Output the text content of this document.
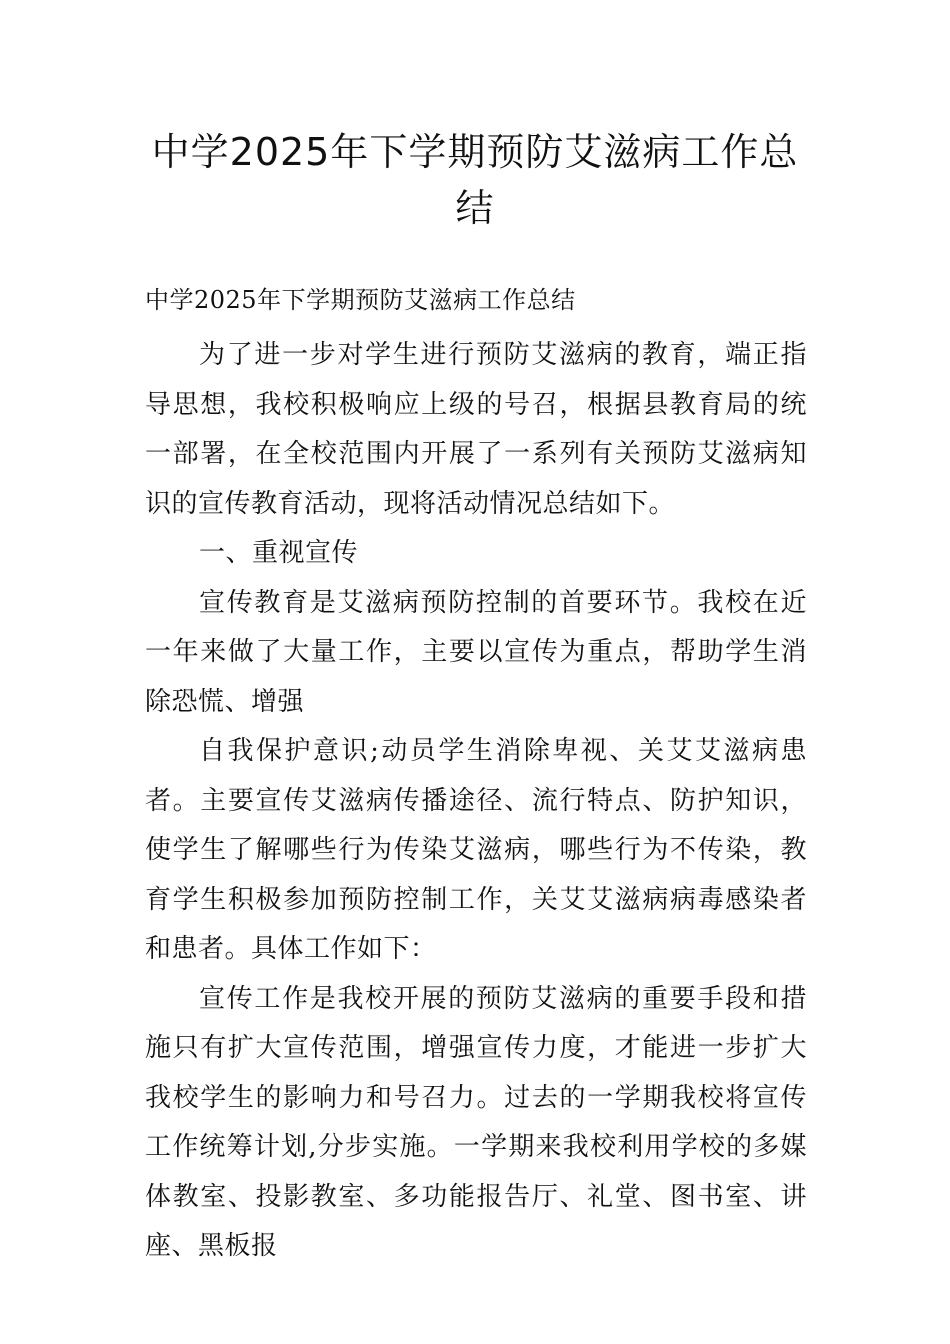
中学2025年下学期预防艾滋病工作总结

中学2025年下学期预防艾滋病工作总结

为了进一步对学生进行预防艾滋病的教育，端正指导思想，我校积极响应上级的号召，根据县教育局的统一部署，在全校范围内开展了一系列有关预防艾滋病知识的宣传教育活动，现将活动情况总结如下。

一、重视宣传

宣传教育是艾滋病预防控制的首要环节。我校在近一年来做了大量工作，主要以宣传为重点，帮助学生消除恐慌、增强

自我保护意识;动员学生消除卑视、关艾艾滋病患者。主要宣传艾滋病传播途径、流行特点、防护知识，使学生了解哪些行为传染艾滋病，哪些行为不传染，教育学生积极参加预防控制工作，关艾艾滋病病毒感染者和患者。具体工作如下：

宣传工作是我校开展的预防艾滋病的重要手段和措施只有扩大宣传范围，增强宣传力度，才能进一步扩大我校学生的影响力和号召力。过去的一学期我校将宣传工作统筹计划,分步实施。一学期来我校利用学校的多媒体教室、投影教室、多功能报告厅、礼堂、图书室、讲座、黑板报
